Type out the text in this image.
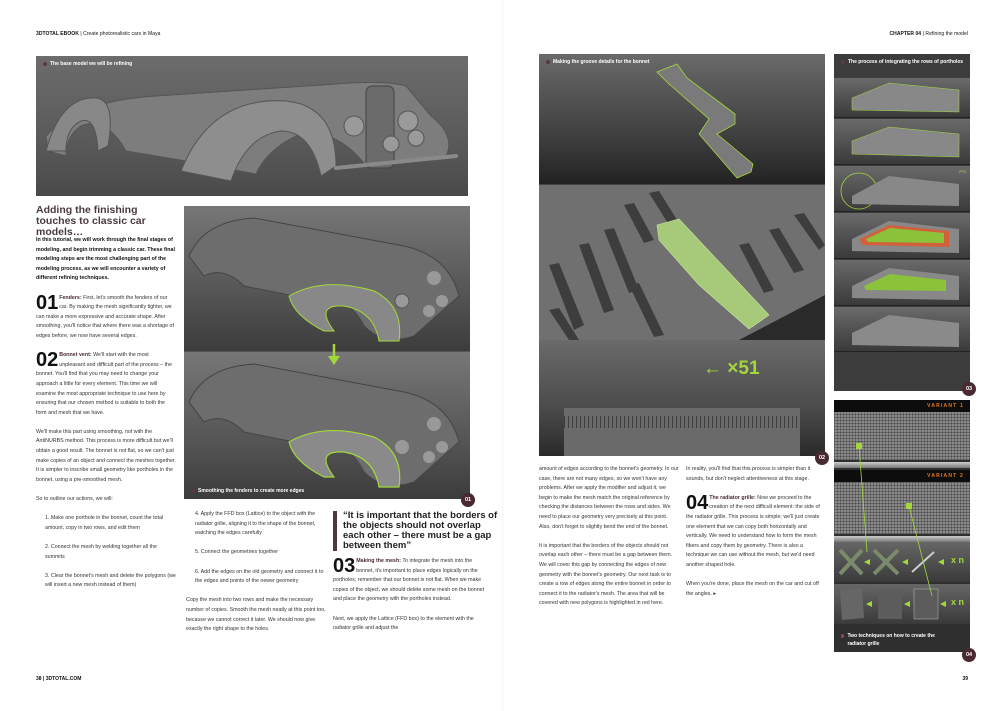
3DTOTAL EBOOK | Create photorealistic cars in Maya	CHAPTER 04 | Refining the model
The base model we will be refining
Adding the finishing touches to classic car models…

In this tutorial, we will work through the final stages of modeling, and begin trimming a classic car. These final modeling steps are the most challenging part of the modeling process, as we will encounter a variety of different refining techniques.

01 Fenders: First, let's smooth the fenders of our car. By making the mesh significantly tighter, we can make a more expressive and accurate shape. After smoothing, you'll notice that where there was a shortage of edges before, we now have several edges.

02 Bonnet vent: We'll start with the most unpleasant and difficult part of the process – the bonnet. You'll find that you may need to change your approach a little for every element. This time we will examine the most appropriate technique to use here by ensuring that our chosen method is suitable to both the form and mesh that we have.

We'll make this part using smoothing, not with the AntiNURBS method. This process is more difficult but we'll obtain a good result. The bonnet is not flat, so we can't just make copies of an object and connect the meshes together. It is simpler to inscribe small geometry like portholes in the bonnet, using a pre-smoothed mesh.

So to outline our actions, we will:

1. Make one porthole in the bonnet, count the total amount, copy in two rows, and edit them

2. Connect the mesh by welding together all the summits

3. Clear the bonnet's mesh and delete the polygons (we will insert a new mesh instead of them)

Smoothing the fenders to create more edges
01

4. Apply the FFD box (Lattice) to the object with the radiator grille, aligning it to the shape of the bonnet, watching the edges carefully

5. Connect the geometries together

6. Add the edges on the old geometry and connect it to the edges and points of the newer geometry

Copy the mesh into two rows and make the necessary number of copies. Smooth the mesh neatly at this point too, because we cannot correct it later. We should now give exactly the right shape to the holes.

“It is important that the borders of the objects should not overlap each other – there must be a gap between them”

03 Making the mesh: To integrate the mesh into the bonnet, it's important to place edges logically on the portholes; remember that our bonnet is not flat. When we make copies of the object, we should delete some mesh on the bonnet and place the geometry with the portholes instead.

Next, we apply the Lattice (FFD box) to the element with the radiator grille and adjust the

← ×51
Making the groove details for the bonnet
02

amount of edges according to the bonnet's geometry. In our case, there are not many edges, so we won't have any problems. After we apply the modifier and adjust it, we begin to make the mesh match the original reference by checking the distances between the rows and sides. We need to place our geometry very precisely at this point. Also, don't forget to slightly bend the end of the bonnet.

It is important that the borders of the objects should not overlap each other – there must be a gap between them. We will cover this gap by connecting the edges of new geometry with the bonnet's geometry. Our next task is to create a row of edges along the entire bonnet in order to connect it to the radiator's mesh. The area that will be covered with new polygons is highlighted in red here.

In reality, you'll find that this process is simpler than it sounds, but don't neglect attentiveness at this stage.

04 The radiator grille: Now we proceed to the creation of the next difficult element: the side of the radiator grille. This process is simple; we'll just create one element that we can copy both horizontally and vertically. We need to understand how to form the mesh fibers and copy them by geometry. There is also a technique we can use without the mesh, but we'd need another shaped hole.

When you're done, place the mesh on the car and cut off the angles. ▸

FFD
The process of integrating the rows of portholes
03
VARIANT 1
VARIANT 2
x n
x n
Two techniques on how to create the radiator grille
04
38 | 3DTOTAL.COM	39
